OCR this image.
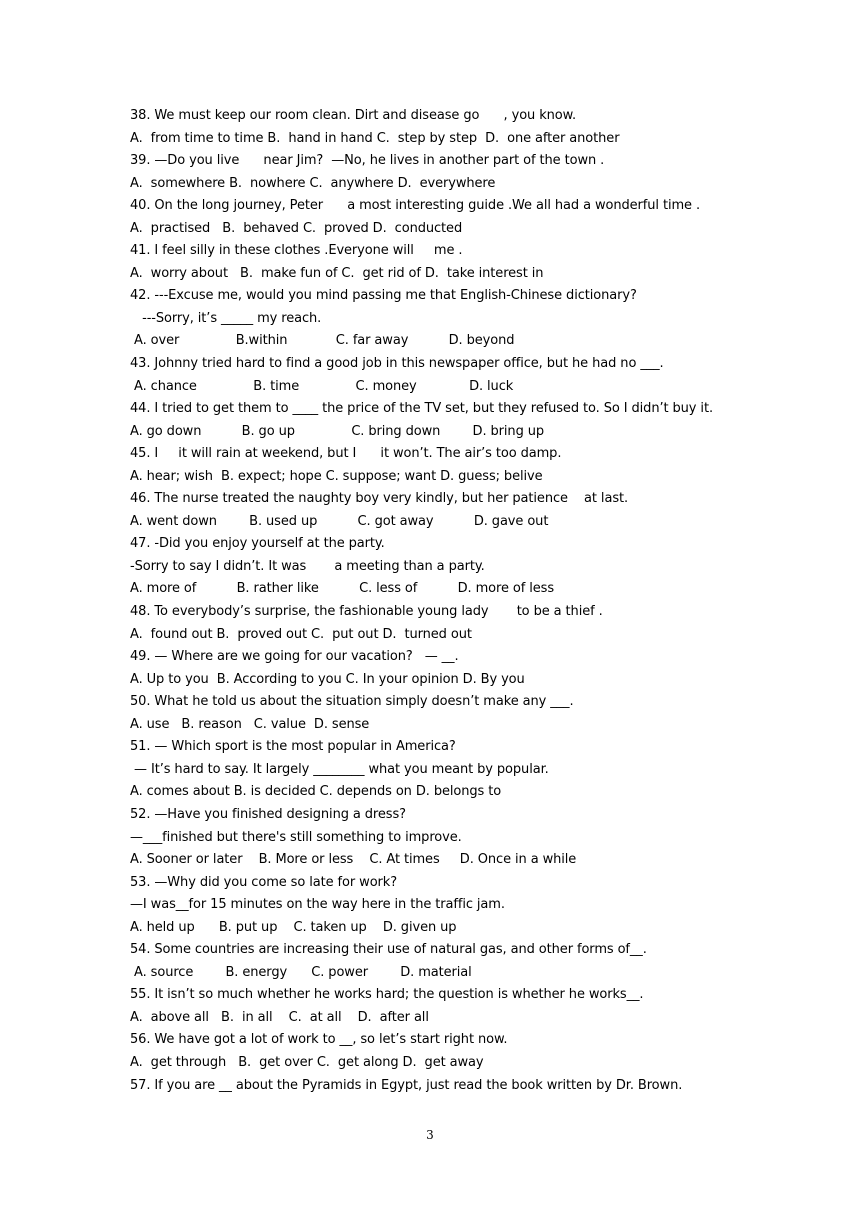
38. We must keep our room clean. Dirt and disease go      , you know.
A.  from time to time B.  hand in hand C.  step by step  D.  one after another
39. —Do you live      near Jim?  —No, he lives in another part of the town .
A.  somewhere B.  nowhere C.  anywhere D.  everywhere
40. On the long journey, Peter      a most interesting guide .We all had a wonderful time .
A.  practised   B.  behaved C.  proved D.  conducted
41. I feel silly in these clothes .Everyone will     me .
A.  worry about   B.  make fun of C.  get rid of D.  take interest in
42. ---Excuse me, would you mind passing me that English-Chinese dictionary?
---Sorry, it’s _____ my reach.
A. over              B.within            C. far away          D. beyond
43. Johnny tried hard to find a good job in this newspaper office, but he had no ___.
A. chance              B. time              C. money             D. luck
44. I tried to get them to ____ the price of the TV set, but they refused to. So I didn’t buy it.
A. go down          B. go up              C. bring down        D. bring up
45. I     it will rain at weekend, but I      it won’t. The air’s too damp.
A. hear; wish  B. expect; hope C. suppose; want D. guess; belive
46. The nurse treated the naughty boy very kindly, but her patience    at last.
A. went down        B. used up          C. got away          D. gave out
47. -Did you enjoy yourself at the party.
-Sorry to say I didn’t. It was       a meeting than a party.
A. more of          B. rather like          C. less of          D. more of less
48. To everybody’s surprise, the fashionable young lady       to be a thief .
A.  found out B.  proved out C.  put out D.  turned out
49. — Where are we going for our vacation?   — __.
A. Up to you  B. According to you C. In your opinion D. By you
50. What he told us about the situation simply doesn’t make any ___.
A. use   B. reason   C. value  D. sense
51. — Which sport is the most popular in America?
— It’s hard to say. It largely ________ what you meant by popular.
A. comes about B. is decided C. depends on D. belongs to
52. —Have you finished designing a dress?
—___finished but there's still something to improve.
A. Sooner or later    B. More or less    C. At times     D. Once in a while
53. —Why did you come so late for work?
—I was__for 15 minutes on the way here in the traffic jam.
A. held up      B. put up    C. taken up    D. given up
54. Some countries are increasing their use of natural gas, and other forms of__.
A. source        B. energy      C. power        D. material
55. It isn’t so much whether he works hard; the question is whether he works__.
A.  above all   B.  in all    C.  at all    D.  after all
56. We have got a lot of work to __, so let’s start right now.
A.  get through   B.  get over C.  get along D.  get away
57. If you are __ about the Pyramids in Egypt, just read the book written by Dr. Brown.
3
